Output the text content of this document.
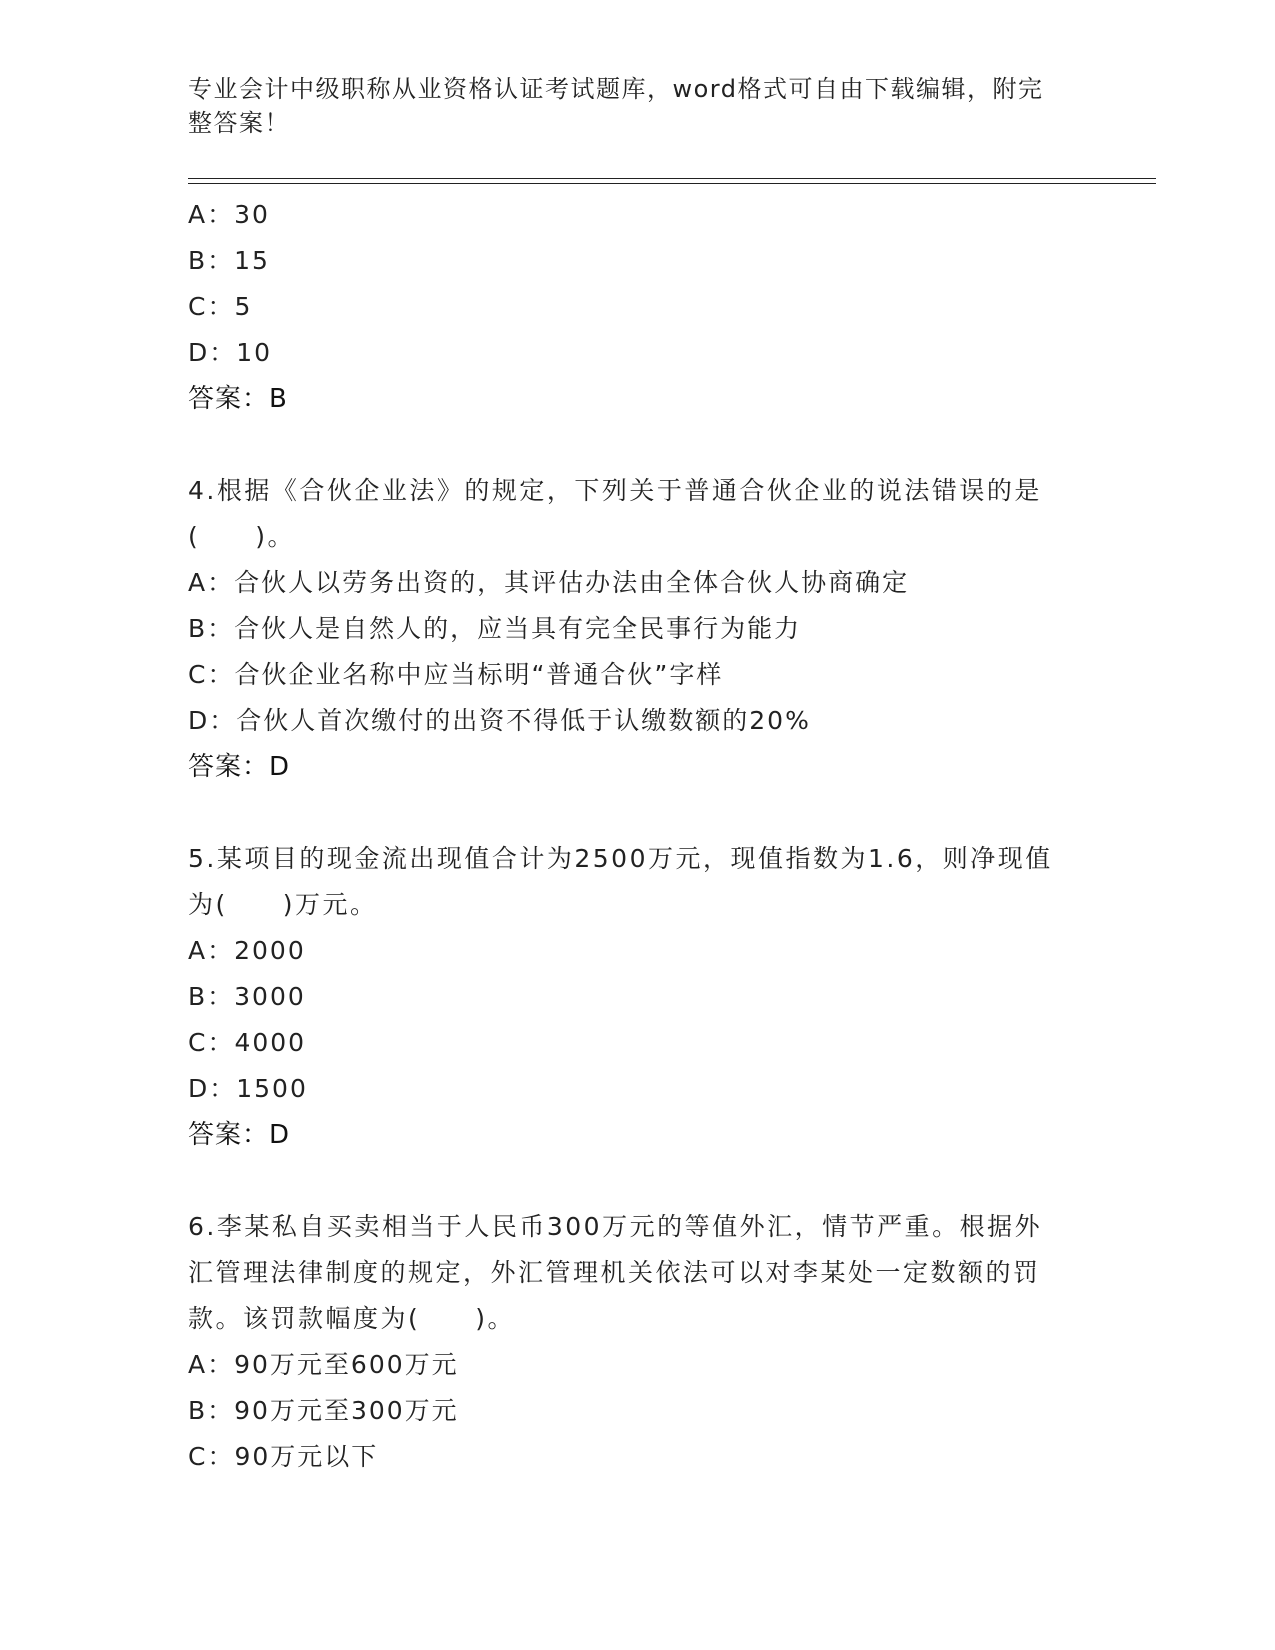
专业会计中级职称从业资格认证考试题库，word格式可自由下载编辑，附完整答案！
A：30
B：15
C：5
D：10
答案：B
4.根据《合伙企业法》的规定，下列关于普通合伙企业的说法错误的是(　　)。
A：合伙人以劳务出资的，其评估办法由全体合伙人协商确定
B：合伙人是自然人的，应当具有完全民事行为能力
C：合伙企业名称中应当标明“普通合伙”字样
D：合伙人首次缴付的出资不得低于认缴数额的20%
答案：D
5.某项目的现金流出现值合计为2500万元，现值指数为1.6，则净现值为(　　)万元。
A：2000
B：3000
C：4000
D：1500
答案：D
6.李某私自买卖相当于人民币300万元的等值外汇，情节严重。根据外汇管理法律制度的规定，外汇管理机关依法可以对李某处一定数额的罚款。该罚款幅度为(　　)。
A：90万元至600万元
B：90万元至300万元
C：90万元以下
